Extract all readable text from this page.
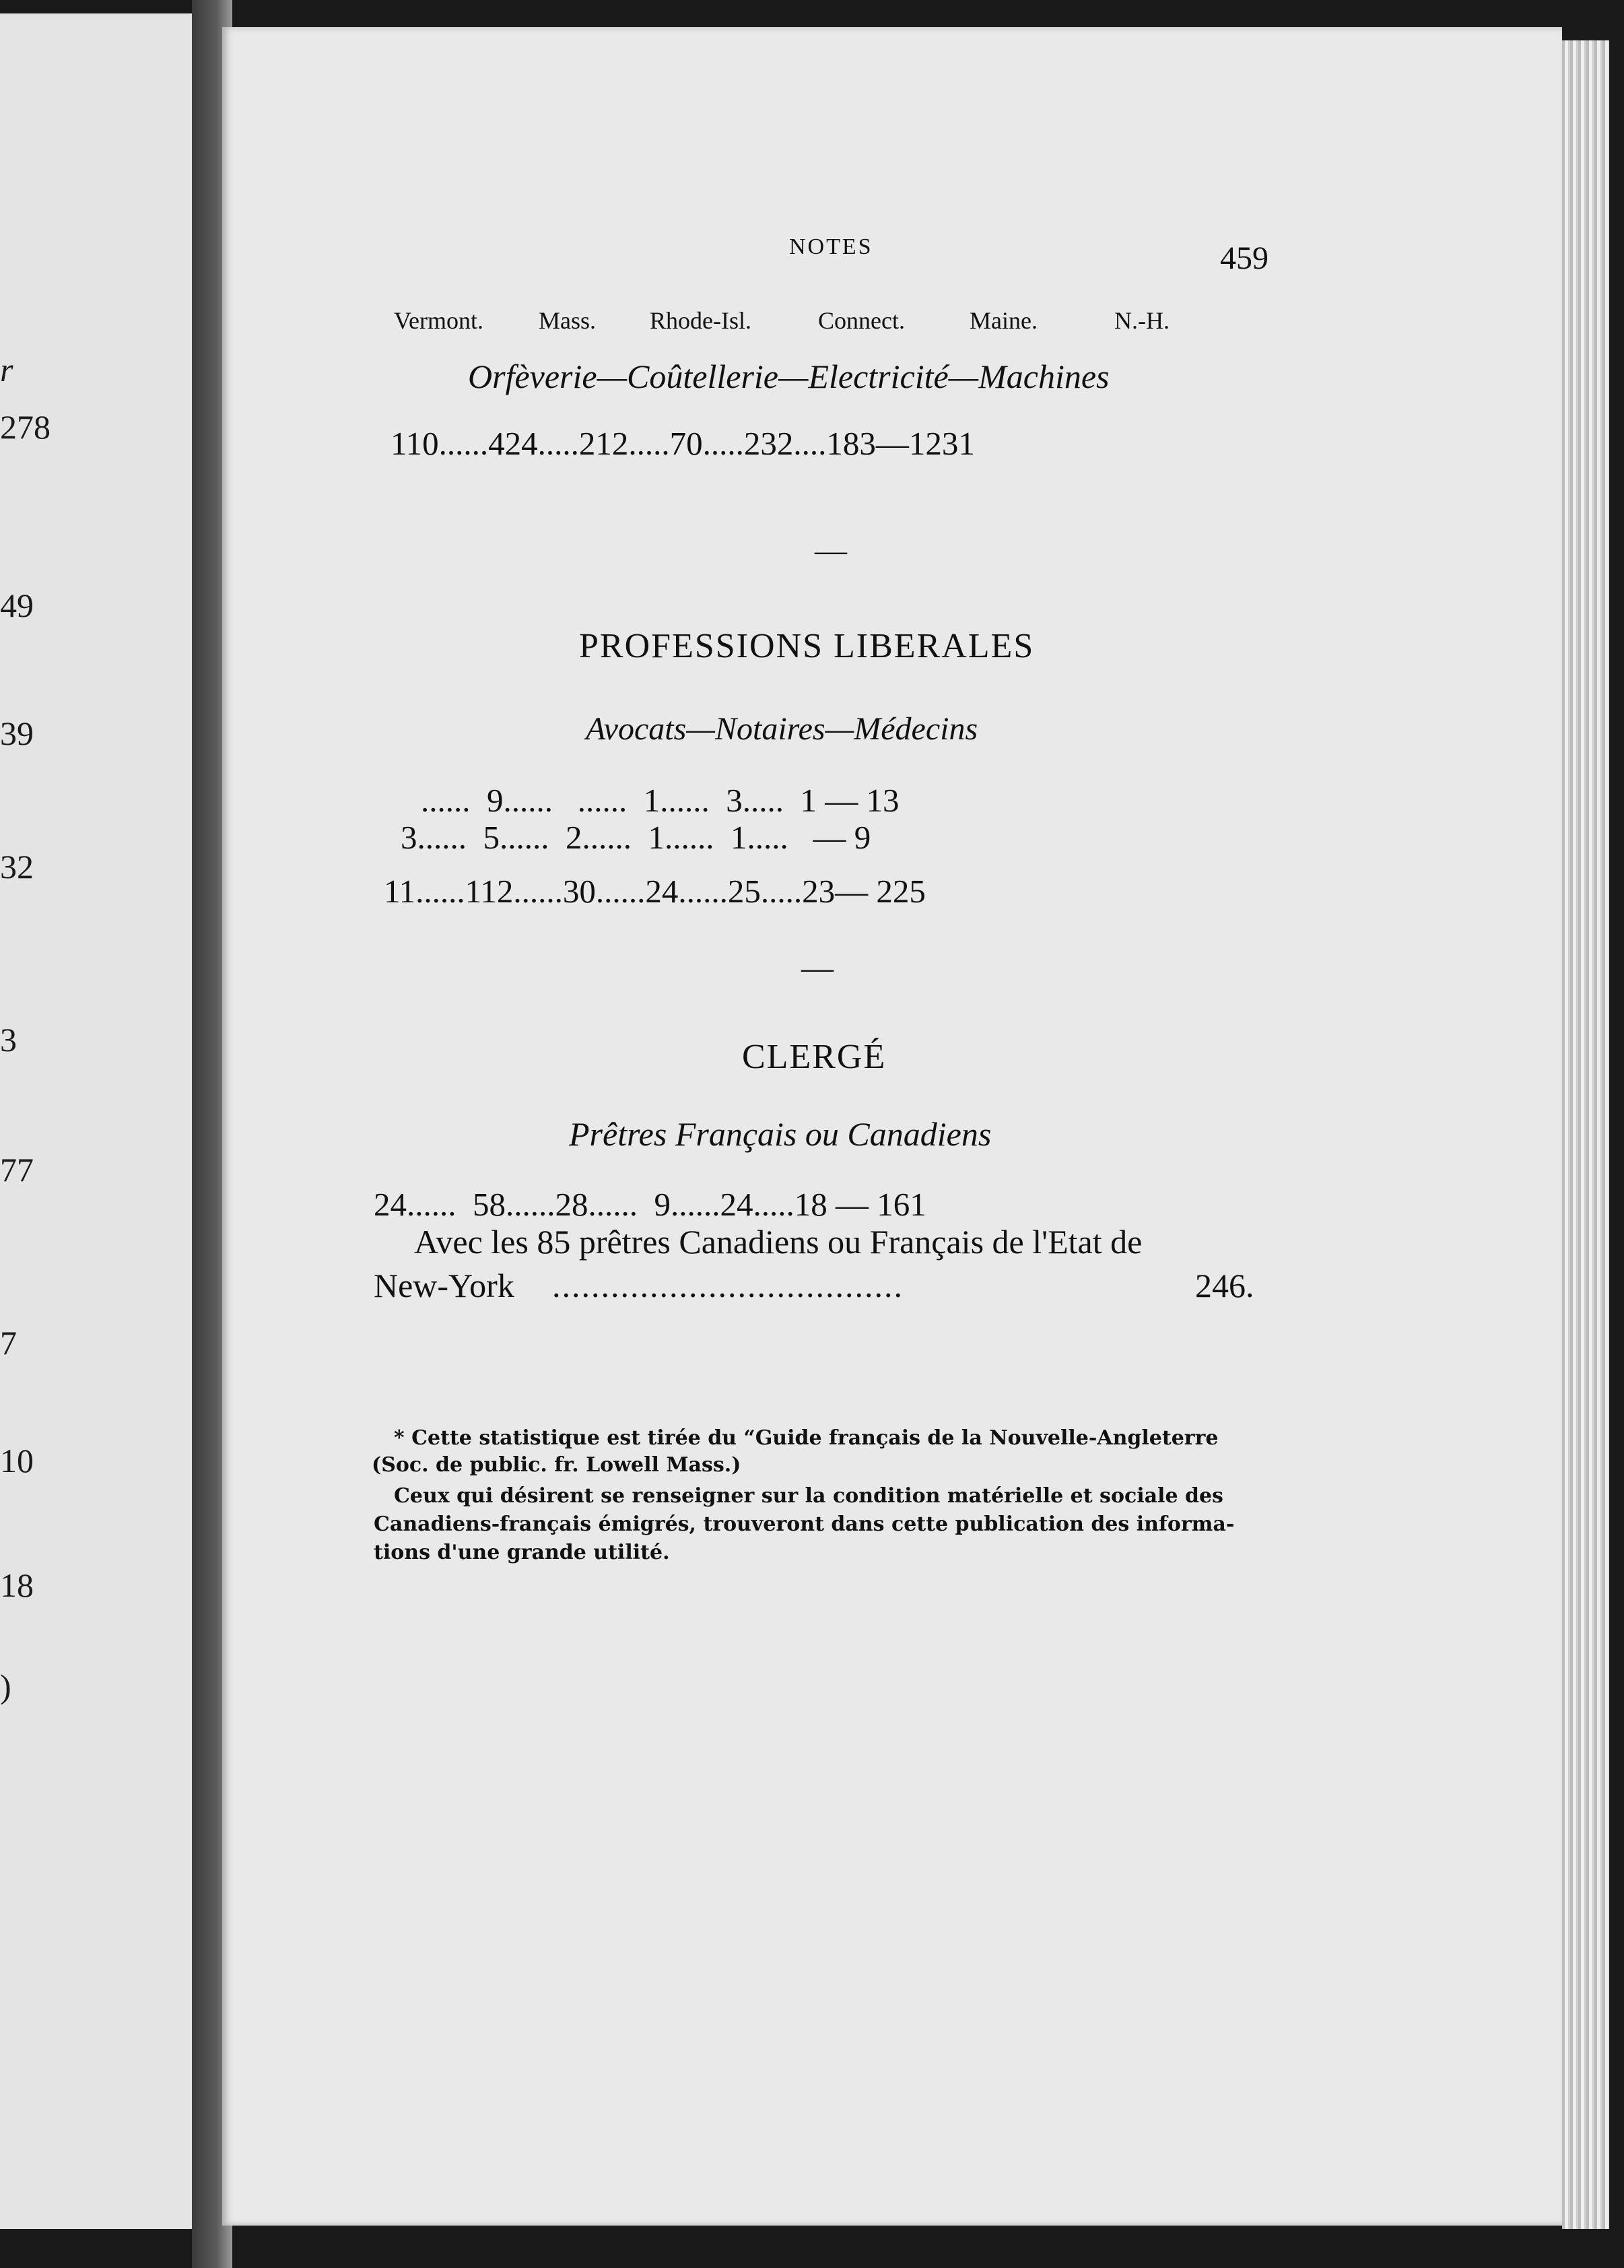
r
278
49
39
32
3
77
7
10
18
)
NOTES	459
Vermont. Mass. Rhode-Isl.	Connect.	Maine.	N.-H.
Orfèverie—Coûtellerie—Electricité—Machines
110......424.....212.....70.....232....183—1231
—
PROFESSIONS LIBERALES
Avocats—Notaires—Médecins
......  9......   ......  1......  3.....  1 — 13
3......  5......  2......  1......  1.....   — 9
11......112......30......24......25.....23— 225
—
CLERGÉ
Prêtres Français ou Canadiens
24......  58......28......  9......24.....18 — 161
Avec les 85 prêtres Canadiens ou Français de l'Etat de
New-York ....................................	246.
* Cette statistique est tirée du “Guide français de la Nouvelle-Angleterre
(Soc. de public. fr. Lowell Mass.)
Ceux qui désirent se renseigner sur la condition matérielle et sociale des
Canadiens-français émigrés, trouveront dans cette publication des informa-
tions d'une grande utilité.
